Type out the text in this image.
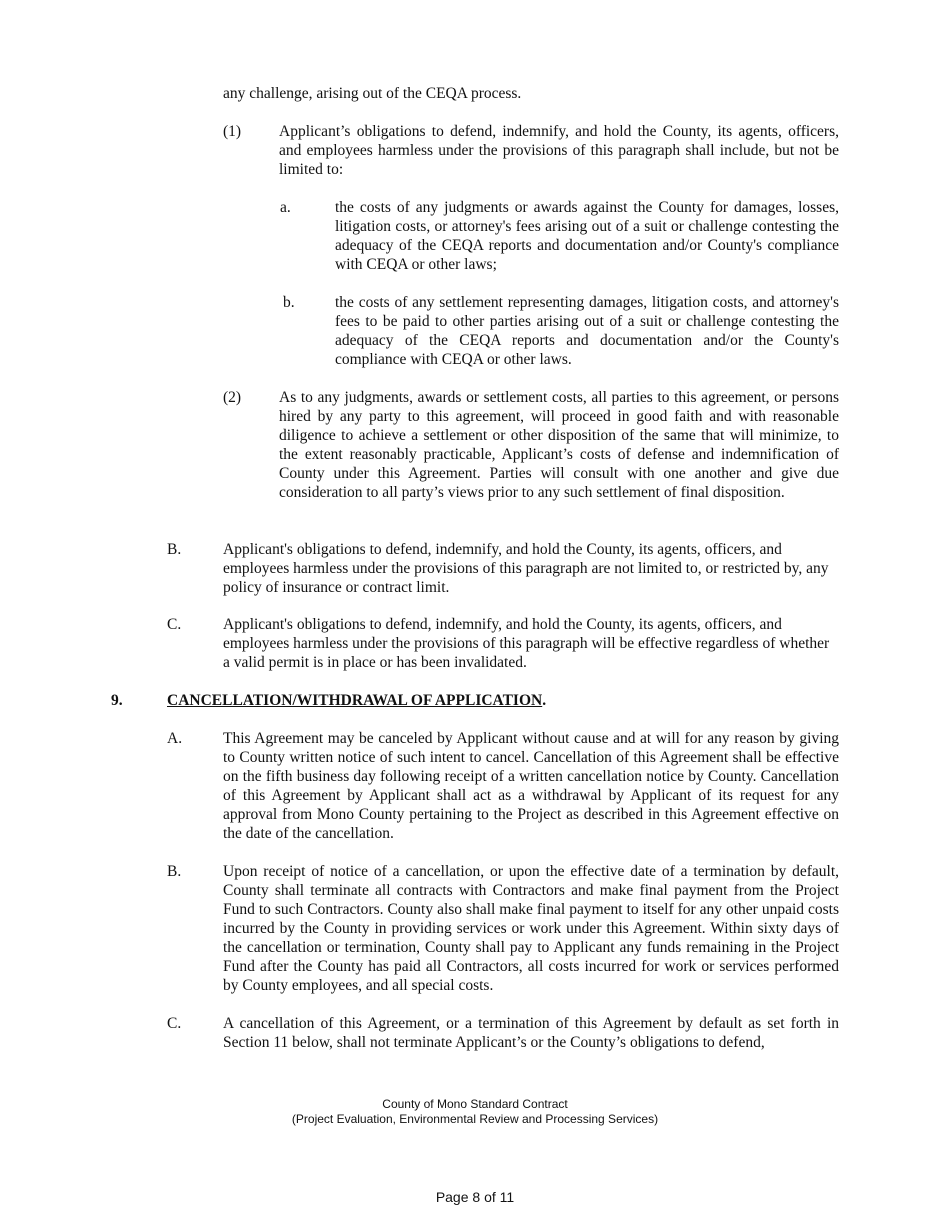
any challenge, arising out of the CEQA process.

(1) Applicant’s obligations to defend, indemnify, and hold the County, its agents, officers, and employees harmless under the provisions of this paragraph shall include, but not be limited to:

a.	the costs of any judgments or awards against the County for damages, losses, litigation costs, or attorney's fees arising out of a suit or challenge contesting the adequacy of the CEQA reports and documentation and/or County's compliance with CEQA or other laws;

b.	the costs of any settlement representing damages, litigation costs, and attorney's fees to be paid to other parties arising out of a suit or challenge contesting the adequacy of the CEQA reports and documentation and/or the County's compliance with CEQA or other laws.

(2) As to any judgments, awards or settlement costs, all parties to this agreement, or persons hired by any party to this agreement, will proceed in good faith and with reasonable diligence to achieve a settlement or other disposition of the same that will minimize, to the extent reasonably practicable, Applicant’s costs of defense and indemnification of County under this Agreement. Parties will consult with one another and give due consideration to all party’s views prior to any such settlement of final disposition.

B.	Applicant's obligations to defend, indemnify, and hold the County, its agents, officers, and employees harmless under the provisions of this paragraph are not limited to, or restricted by, any policy of insurance or contract limit.

C.	Applicant's obligations to defend, indemnify, and hold the County, its agents, officers, and employees harmless under the provisions of this paragraph will be effective regardless of whether a valid permit is in place or has been invalidated.

9.	CANCELLATION/WITHDRAWAL OF APPLICATION.
A.	This Agreement may be canceled by Applicant without cause and at will for any reason by giving to County written notice of such intent to cancel. Cancellation of this Agreement shall be effective on the fifth business day following receipt of a written cancellation notice by County. Cancellation of this Agreement by Applicant shall act as a withdrawal by Applicant of its request for any approval from Mono County pertaining to the Project as described in this Agreement effective on the date of the cancellation.

B.	Upon receipt of notice of a cancellation, or upon the effective date of a termination by default, County shall terminate all contracts with Contractors and make final payment from the Project Fund to such Contractors. County also shall make final payment to itself for any other unpaid costs incurred by the County in providing services or work under this Agreement. Within sixty days of the cancellation or termination, County shall pay to Applicant any funds remaining in the Project Fund after the County has paid all Contractors, all costs incurred for work or services performed by County employees, and all special costs.

C.	A cancellation of this Agreement, or a termination of this Agreement by default as set forth in Section 11 below, shall not terminate Applicant’s or the County’s obligations to defend,

County of Mono Standard Contract
(Project Evaluation, Environmental Review and Processing Services)
Page 8 of 11
